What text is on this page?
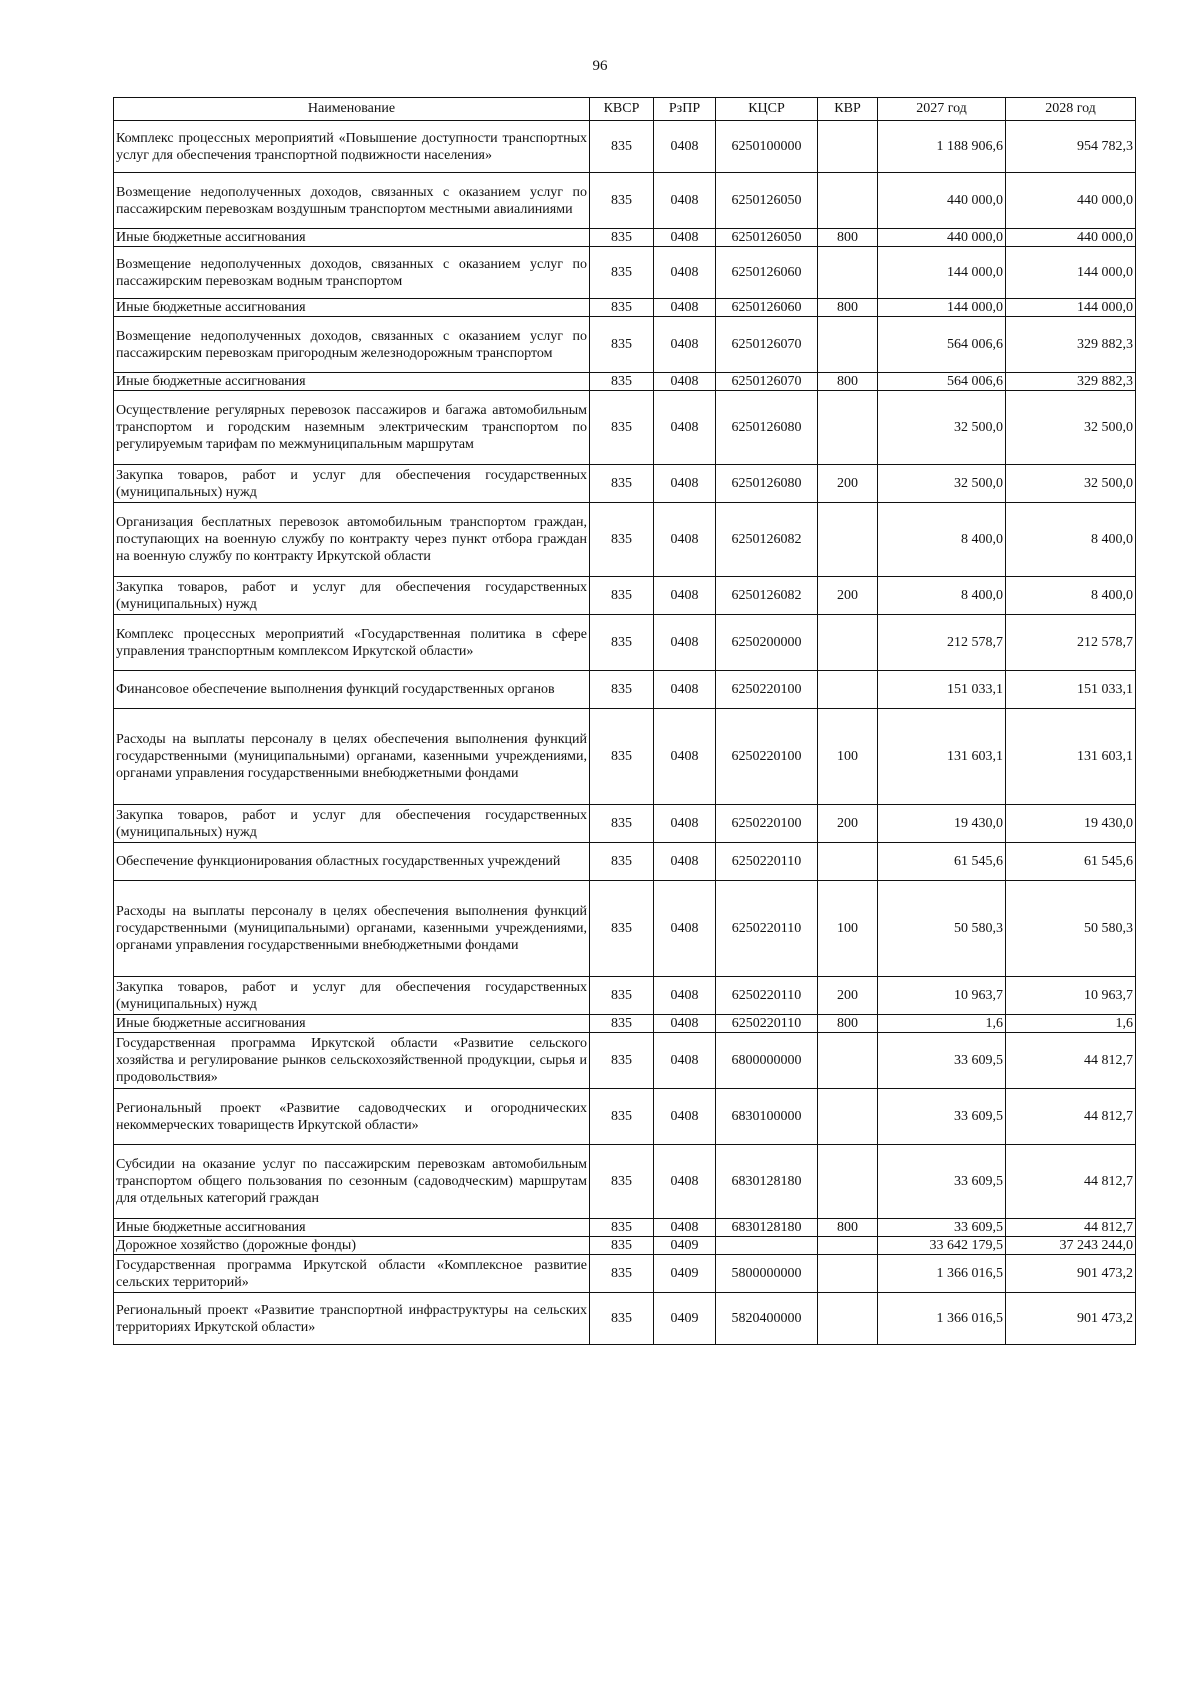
96
Наименование	КВСР	РзПР	КЦСР	КВР	2027 год	2028 год
Комплекс процессных мероприятий «Повышение доступности транспортных услуг для обеспечения транспортной подвижности населения»	835	0408	6250100000		1 188 906,6	954 782,3
Возмещение недополученных доходов, связанных с оказанием услуг по пассажирским перевозкам воздушным транспортом местными авиалиниями	835	0408	6250126050		440 000,0	440 000,0
Иные бюджетные ассигнования	835	0408	6250126050	800	440 000,0	440 000,0
Возмещение недополученных доходов, связанных с оказанием услуг по пассажирским перевозкам водным транспортом	835	0408	6250126060		144 000,0	144 000,0
Иные бюджетные ассигнования	835	0408	6250126060	800	144 000,0	144 000,0
Возмещение недополученных доходов, связанных с оказанием услуг по пассажирским перевозкам пригородным железнодорожным транспортом	835	0408	6250126070		564 006,6	329 882,3
Иные бюджетные ассигнования	835	0408	6250126070	800	564 006,6	329 882,3
Осуществление регулярных перевозок пассажиров и багажа автомобильным транспортом и городским наземным электрическим транспортом по регулируемым тарифам по межмуниципальным маршрутам	835	0408	6250126080		32 500,0	32 500,0
Закупка товаров, работ и услуг для обеспечения государственных (муниципальных) нужд	835	0408	6250126080	200	32 500,0	32 500,0
Организация бесплатных перевозок автомобильным транспортом граждан, поступающих на военную службу по контракту через пункт отбора граждан на военную службу по контракту Иркутской области	835	0408	6250126082		8 400,0	8 400,0
Закупка товаров, работ и услуг для обеспечения государственных (муниципальных) нужд	835	0408	6250126082	200	8 400,0	8 400,0
Комплекс процессных мероприятий «Государственная политика в сфере управления транспортным комплексом Иркутской области»	835	0408	6250200000		212 578,7	212 578,7
Финансовое обеспечение выполнения функций государственных органов	835	0408	6250220100		151 033,1	151 033,1
Расходы на выплаты персоналу в целях обеспечения выполнения функций государственными (муниципальными) органами, казенными учреждениями, органами управления государственными внебюджетными фондами	835	0408	6250220100	100	131 603,1	131 603,1
Закупка товаров, работ и услуг для обеспечения государственных (муниципальных) нужд	835	0408	6250220100	200	19 430,0	19 430,0
Обеспечение функционирования областных государственных учреждений	835	0408	6250220110		61 545,6	61 545,6
Расходы на выплаты персоналу в целях обеспечения выполнения функций государственными (муниципальными) органами, казенными учреждениями, органами управления государственными внебюджетными фондами	835	0408	6250220110	100	50 580,3	50 580,3
Закупка товаров, работ и услуг для обеспечения государственных (муниципальных) нужд	835	0408	6250220110	200	10 963,7	10 963,7
Иные бюджетные ассигнования	835	0408	6250220110	800	1,6	1,6
Государственная программа Иркутской области «Развитие сельского хозяйства и регулирование рынков сельскохозяйственной продукции, сырья и продовольствия»	835	0408	6800000000		33 609,5	44 812,7
Региональный проект «Развитие садоводческих и огороднических некоммерческих товариществ Иркутской области»	835	0408	6830100000		33 609,5	44 812,7
Субсидии на оказание услуг по пассажирским перевозкам автомобильным транспортом общего пользования по сезонным (садоводческим) маршрутам для отдельных категорий граждан	835	0408	6830128180		33 609,5	44 812,7
Иные бюджетные ассигнования	835	0408	6830128180	800	33 609,5	44 812,7
Дорожное хозяйство (дорожные фонды)	835	0409			33 642 179,5	37 243 244,0
Государственная программа Иркутской области «Комплексное развитие сельских территорий»	835	0409	5800000000		1 366 016,5	901 473,2
Региональный проект «Развитие транспортной инфраструктуры на сельских территориях Иркутской области»	835	0409	5820400000		1 366 016,5	901 473,2
